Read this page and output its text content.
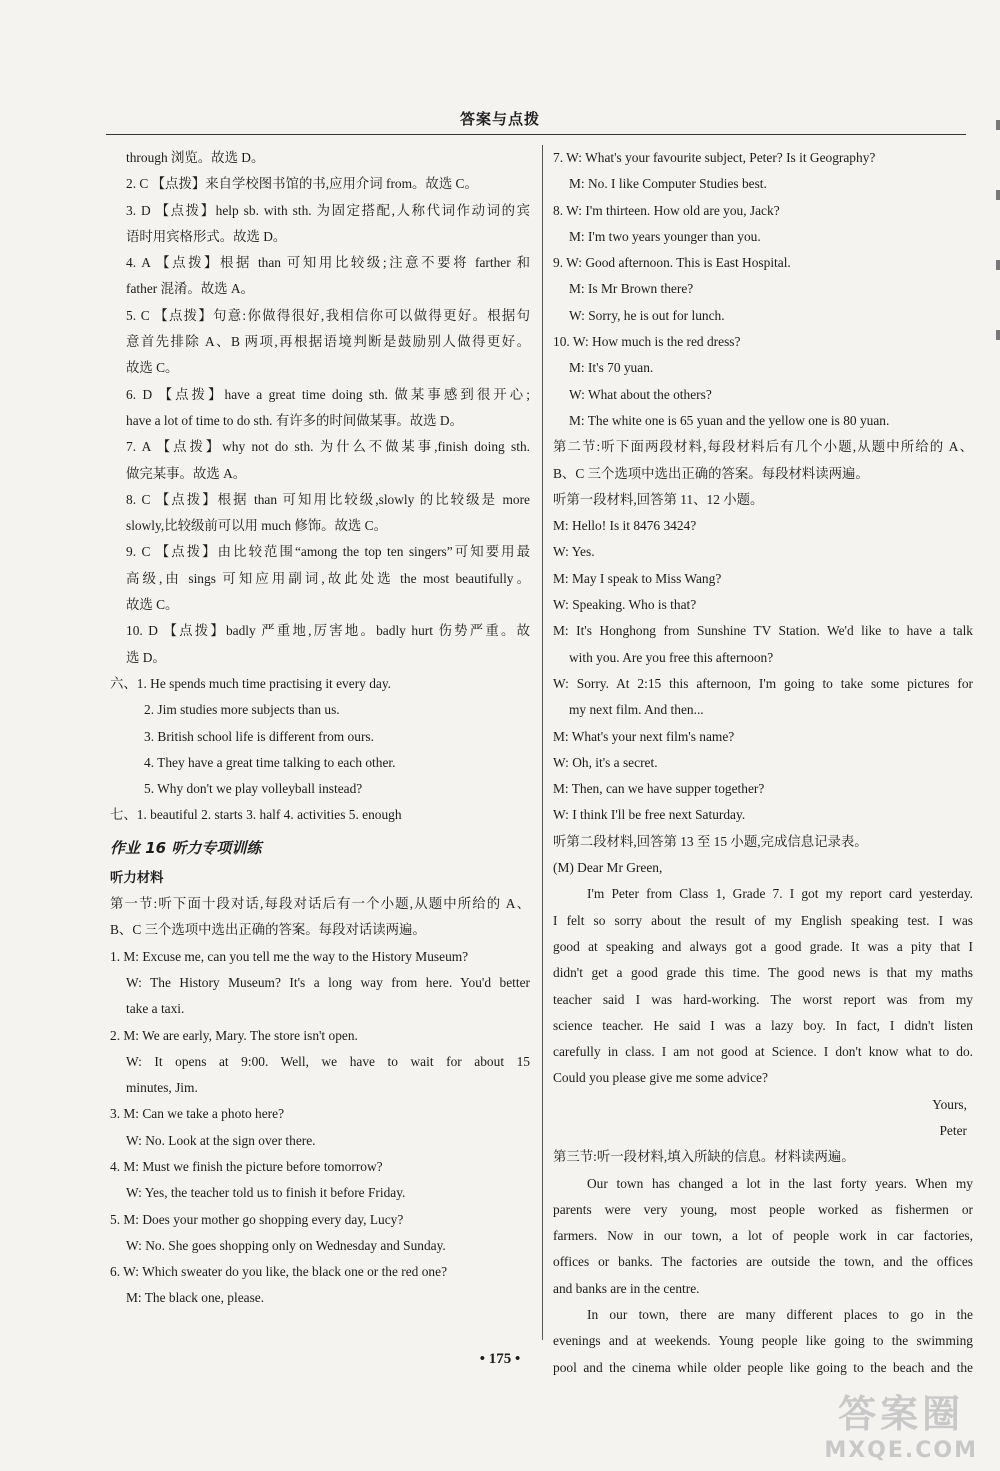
答案与点拨
through 浏览。故选 D。
2. C 【点拨】来自学校图书馆的书,应用介词 from。故选 C。
3. D 【点拨】help sb. with sth. 为固定搭配,人称代词作动词的宾
语时用宾格形式。故选 D。
4. A 【点拨】根据 than 可知用比较级;注意不要将 farther 和
father 混淆。故选 A。
5. C 【点拨】句意:你做得很好,我相信你可以做得更好。根据句
意首先排除 A、B 两项,再根据语境判断是鼓励别人做得更好。
故选 C。
6. D 【点拨】have a great time doing sth. 做某事感到很开心;
have a lot of time to do sth. 有许多的时间做某事。故选 D。
7. A 【点拨】why not do sth. 为什么不做某事,finish doing sth.
做完某事。故选 A。
8. C 【点拨】根据 than 可知用比较级,slowly 的比较级是 more
slowly,比较级前可以用 much 修饰。故选 C。
9. C 【点拨】由比较范围“among the top ten singers”可知要用最
高级,由 sings 可知应用副词,故此处选 the most beautifully。
故选 C。
10. D 【点拨】badly 严重地,厉害地。badly hurt 伤势严重。故
选 D。
六、1. He spends much time practising it every day.
2. Jim studies more subjects than us.
3. British school life is different from ours.
4. They have a great time talking to each other.
5. Why don't we play volleyball instead?
七、1. beautiful 2. starts 3. half 4. activities 5. enough
作业 16 听力专项训练
听力材料
第一节:听下面十段对话,每段对话后有一个小题,从题中所给的 A、
B、C 三个选项中选出正确的答案。每段对话读两遍。
1. M: Excuse me, can you tell me the way to the History Museum?
W: The History Museum? It's a long way from here. You'd better
take a taxi.
2. M: We are early, Mary. The store isn't open.
W: It opens at 9:00. Well, we have to wait for about 15
minutes, Jim.
3. M: Can we take a photo here?
W: No. Look at the sign over there.
4. M: Must we finish the picture before tomorrow?
W: Yes, the teacher told us to finish it before Friday.
5. M: Does your mother go shopping every day, Lucy?
W: No. She goes shopping only on Wednesday and Sunday.
6. W: Which sweater do you like, the black one or the red one?
M: The black one, please.
7. W: What's your favourite subject, Peter? Is it Geography?
M: No. I like Computer Studies best.
8. W: I'm thirteen. How old are you, Jack?
M: I'm two years younger than you.
9. W: Good afternoon. This is East Hospital.
M: Is Mr Brown there?
W: Sorry, he is out for lunch.
10. W: How much is the red dress?
M: It's 70 yuan.
W: What about the others?
M: The white one is 65 yuan and the yellow one is 80 yuan.
第二节:听下面两段材料,每段材料后有几个小题,从题中所给的 A、
B、C 三个选项中选出正确的答案。每段材料读两遍。
听第一段材料,回答第 11、12 小题。
M: Hello! Is it 8476 3424?
W: Yes.
M: May I speak to Miss Wang?
W: Speaking. Who is that?
M: It's Honghong from Sunshine TV Station. We'd like to have a talk
with you. Are you free this afternoon?
W: Sorry. At 2:15 this afternoon, I'm going to take some pictures for
my next film. And then...
M: What's your next film's name?
W: Oh, it's a secret.
M: Then, can we have supper together?
W: I think I'll be free next Saturday.
听第二段材料,回答第 13 至 15 小题,完成信息记录表。
(M) Dear Mr Green,
I'm Peter from Class 1, Grade 7. I got my report card yesterday.
I felt so sorry about the result of my English speaking test. I was
good at speaking and always got a good grade. It was a pity that I
didn't get a good grade this time. The good news is that my maths
teacher said I was hard-working. The worst report was from my
science teacher. He said I was a lazy boy. In fact, I didn't listen
carefully in class. I am not good at Science. I don't know what to do.
Could you please give me some advice?
Yours,
Peter
第三节:听一段材料,填入所缺的信息。材料读两遍。
Our town has changed a lot in the last forty years. When my
parents were very young, most people worked as fishermen or
farmers. Now in our town, a lot of people work in car factories,
offices or banks. The factories are outside the town, and the offices
and banks are in the centre.
In our town, there are many different places to go in the
evenings and at weekends. Young people like going to the swimming
pool and the cinema while older people like going to the beach and the
• 175 •
答案圈
MXQE.COM
